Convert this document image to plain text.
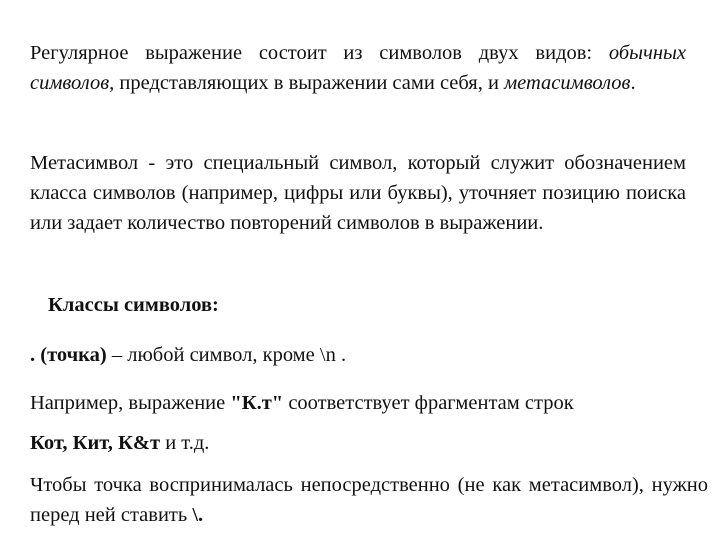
Регулярное выражение состоит из символов двух видов: обычных символов, представляющих в выражении сами себя, и метасимволов.

Метасимвол - это специальный символ, который служит обозначением класса символов (например, цифры или буквы), уточняет позицию поиска или задает количество повторений символов в выражении.

Классы символов:

. (точка) – любой символ, кроме \n .

Например, выражение "К.т" соответствует фрагментам строк

Кот, Кит, К&т и т.д.

Чтобы точка воспринималась непосредственно (не как метасимвол), нужно перед ней ставить \.
